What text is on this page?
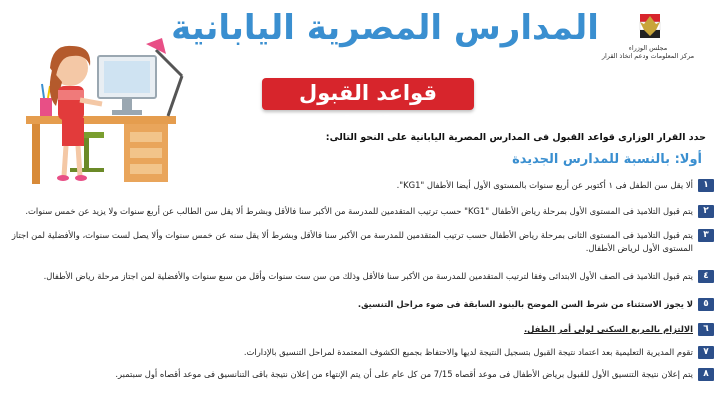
المدارس المصرية اليابانية
قواعد القبول والنقل
مجلس الوزراء
مركز المعلومات ودعم اتخاذ القرار
حدد القرار الوزارى قواعد القبول فى المدارس المصرية اليابانية على النحو التالى:
أولا: بالنسبة للمدارس الجديدة
١
ألا يقل سن الطفل فى ١ أكتوبر عن أربع سنوات بالمستوى الأول أيضا الأطفال "KG1".
٢
يتم قبول التلاميذ فى المستوى الأول بمرحلة رياض الأطفال "KG1" حسب ترتيب المتقدمين للمدرسة من الأكبر سنا فالأقل وبشرط ألا يقل سن الطالب عن أربع سنوات ولا يزيد عن خمس سنوات.
٣
يتم قبول التلاميذ فى المستوى الثانى بمرحلة رياض الأطفال حسب ترتيب المتقدمين للمدرسة من الأكبر سنا فالأقل وبشرط ألا يقل سنه عن خمس سنوات وألا يصل لست سنوات، والأفضلية لمن اجتاز المستوى الأول لرياض الأطفال.
٤
يتم قبول التلاميذ فى الصف الأول الابتدائى وفقا لترتيب المتقدمين للمدرسة من الأكبر سنا فالأقل وذلك من سن ست سنوات وأقل من سبع سنوات والأفضلية لمن اجتاز مرحلة رياض الأطفال.
٥
لا يجوز الاستثناء من شرط السن الموضح بالبنود السابقة فى ضوء مراحل التنسيق.
٦
الالتزام بالمربع السكنى لولى أمر الطفل.
٧
تقوم المديرية التعليمية بعد اعتماد نتيجة القبول بتسجيل النتيجة لديها والاحتفاظ بجميع الكشوف المعتمدة لمراحل التنسيق بالإدارات.
٨
يتم إعلان نتيجة التنسيق الأول للقبول برياض الأطفال فى موعد أقصاه 7/15 من كل عام على أن يتم الإنتهاء من إعلان نتيجة باقى التنانسيق فى موعد أقصاه أول سبتمبر.
